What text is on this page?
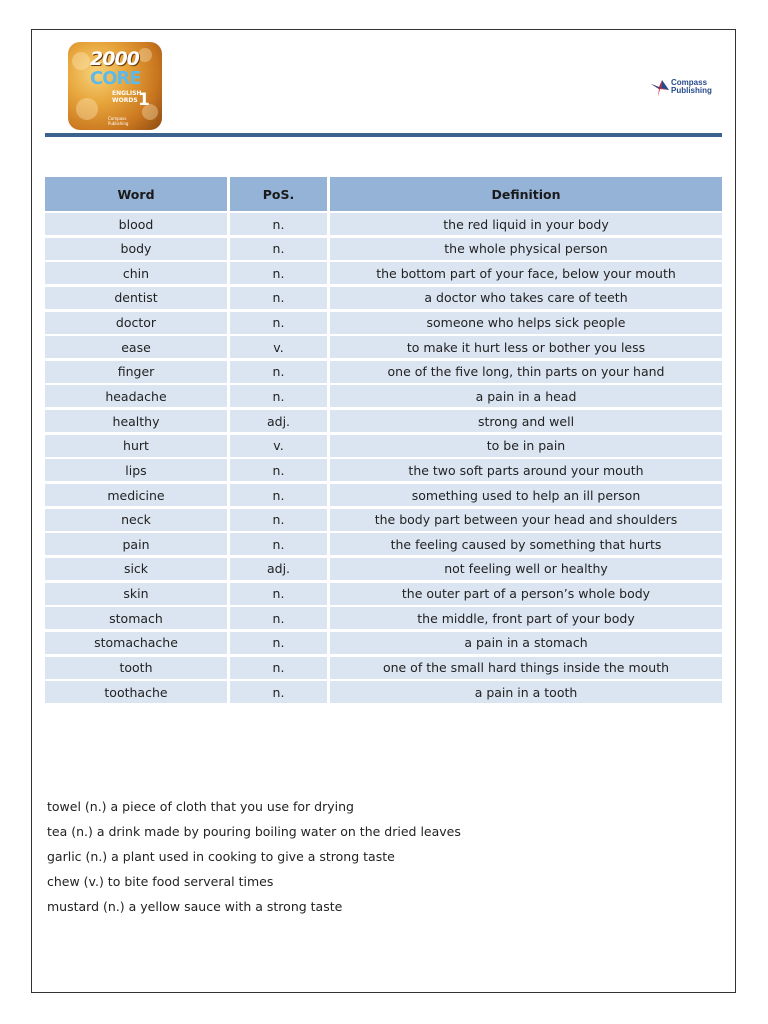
2000
CORE
ENGLISH
WORDS 1
Compass
Publishing
Compass
Publishing
Word	PoS.	Definition
blood	n.	the red liquid in your body
body	n.	the whole physical person
chin	n.	the bottom part of your face, below your mouth
dentist	n.	a doctor who takes care of teeth
doctor	n.	someone who helps sick people
ease	v.	to make it hurt less or bother you less
finger	n.	one of the five long, thin parts on your hand
headache	n.	a pain in a head
healthy	adj.	strong and well
hurt	v.	to be in pain
lips	n.	the two soft parts around your mouth
medicine	n.	something used to help an ill person
neck	n.	the body part between your head and shoulders
pain	n.	the feeling caused by something that hurts
sick	adj.	not feeling well or healthy
skin	n.	the outer part of a person’s whole body
stomach	n.	the middle, front part of your body
stomachache	n.	a pain in a stomach
tooth	n.	one of the small hard things inside the mouth
toothache	n.	a pain in a tooth
towel (n.) a piece of cloth that you use for drying
tea (n.) a drink made by pouring boiling water on the dried leaves
garlic (n.) a plant used in cooking to give a strong taste
chew (v.) to bite food serveral times
mustard (n.) a yellow sauce with a strong taste
